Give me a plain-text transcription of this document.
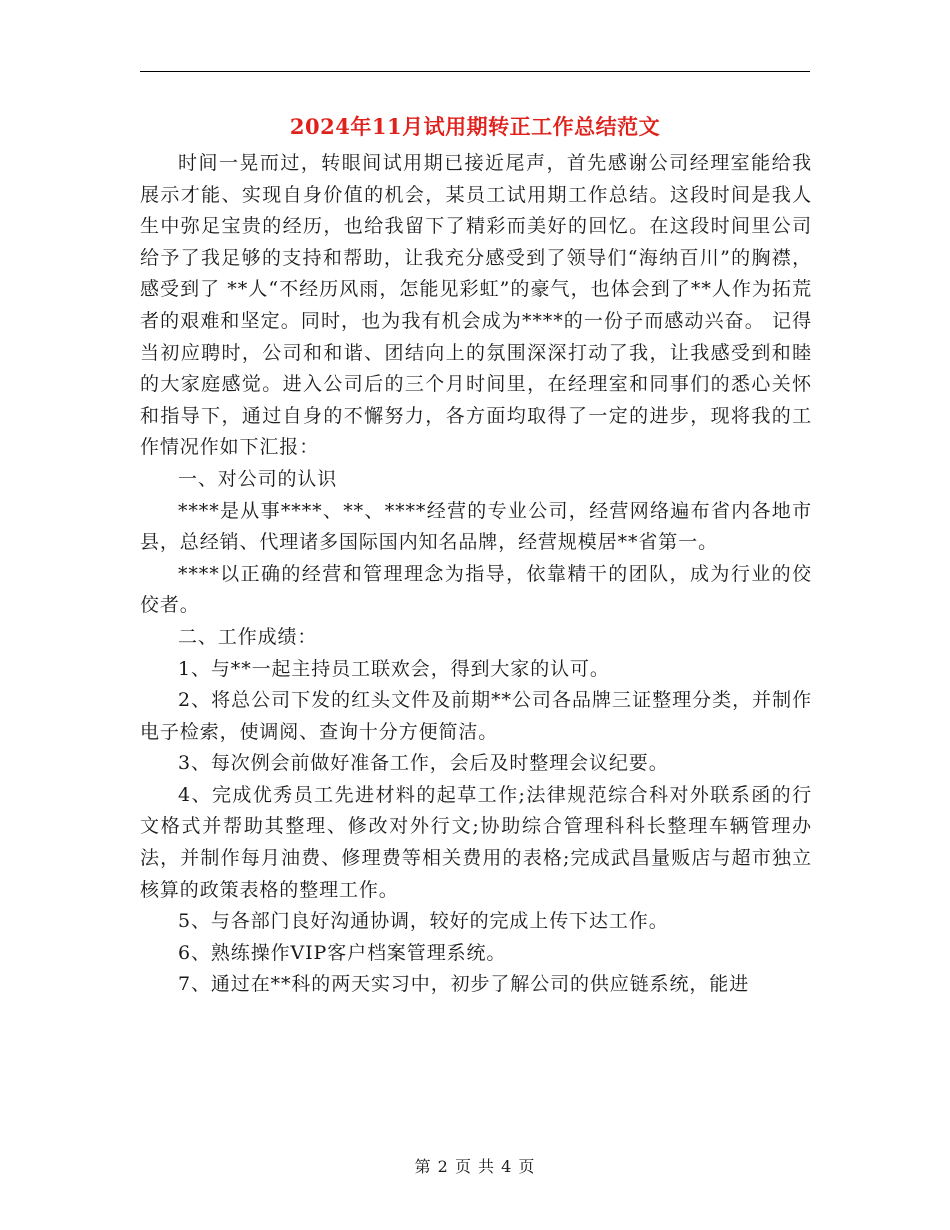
2024年11月试用期转正工作总结范文

时间一晃而过，转眼间试用期已接近尾声，首先感谢公司经理室能给我展示才能、实现自身价值的机会，某员工试用期工作总结。这段时间是我人生中弥足宝贵的经历，也给我留下了精彩而美好的回忆。在这段时间里公司给予了我足够的支持和帮助，让我充分感受到了领导们“海纳百川”的胸襟，感受到了 **人“不经历风雨，怎能见彩虹”的豪气，也体会到了**人作为拓荒者的艰难和坚定。同时，也为我有机会成为****的一份子而感动兴奋。 记得当初应聘时，公司和和谐、团结向上的氛围深深打动了我，让我感受到和睦的大家庭感觉。进入公司后的三个月时间里，在经理室和同事们的悉心关怀和指导下，通过自身的不懈努力，各方面均取得了一定的进步，现将我的工作情况作如下汇报：

一、对公司的认识

****是从事****、**、****经营的专业公司，经营网络遍布省内各地市县，总经销、代理诸多国际国内知名品牌，经营规模居**省第一。

****以正确的经营和管理理念为指导，依靠精干的团队，成为行业的佼佼者。

二、工作成绩：

1、与**一起主持员工联欢会，得到大家的认可。

2、将总公司下发的红头文件及前期**公司各品牌三证整理分类，并制作电子检索，使调阅、查询十分方便简洁。

3、每次例会前做好准备工作，会后及时整理会议纪要。

4、完成优秀员工先进材料的起草工作;法律规范综合科对外联系函的行文格式并帮助其整理、修改对外行文;协助综合管理科科长整理车辆管理办法，并制作每月油费、修理费等相关费用的表格;完成武昌量贩店与超市独立核算的政策表格的整理工作。

5、与各部门良好沟通协调，较好的完成上传下达工作。

6、熟练操作VIP客户档案管理系统。

7、通过在**科的两天实习中，初步了解公司的供应链系统，能进

第 2 页 共 4 页
